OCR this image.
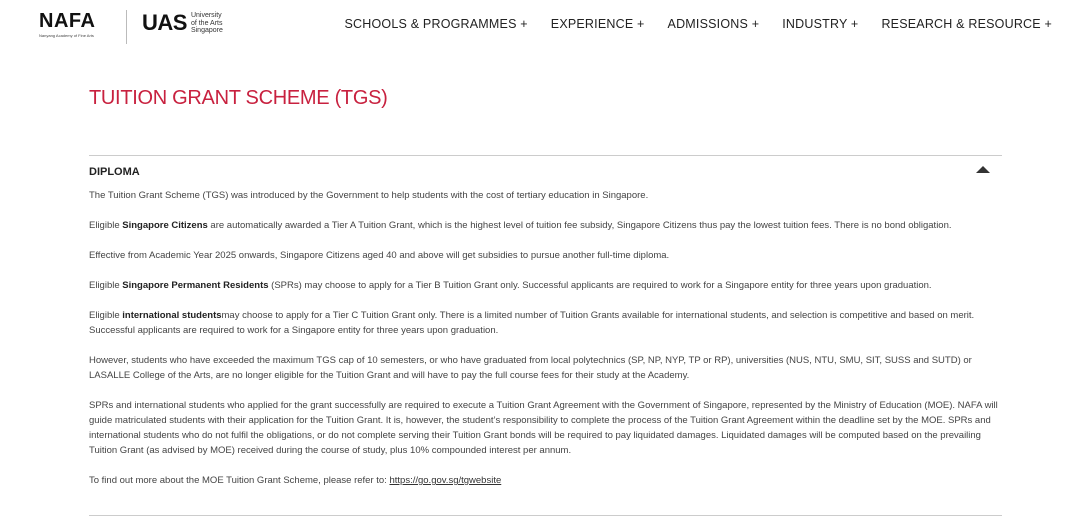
NAFA
Nanyang Academy of Fine Arts
UAS University
of the Arts
Singapore	SCHOOLS & PROGRAMMES + EXPERIENCE + ADMISSIONS + INDUSTRY + RESEARCH & RESOURCE +
TUITION GRANT SCHEME (TGS)
DIPLOMA

The Tuition Grant Scheme (TGS) was introduced by the Government to help students with the cost of tertiary education in Singapore.

Eligible Singapore Citizens are automatically awarded a Tier A Tuition Grant, which is the highest level of tuition fee subsidy, Singapore Citizens thus pay the lowest tuition fees. There is no bond obligation.

Effective from Academic Year 2025 onwards, Singapore Citizens aged 40 and above will get subsidies to pursue another full-time diploma.

Eligible Singapore Permanent Residents (SPRs) may choose to apply for a Tier B Tuition Grant only. Successful applicants are required to work for a Singapore entity for three years upon graduation.

Eligible international studentsmay choose to apply for a Tier C Tuition Grant only. There is a limited number of Tuition Grants available for international students, and selection is competitive and based on merit. Successful applicants are required to work for a Singapore entity for three years upon graduation.

However, students who have exceeded the maximum TGS cap of 10 semesters, or who have graduated from local polytechnics (SP, NP, NYP, TP or RP), universities (NUS, NTU, SMU, SIT, SUSS and SUTD) or LASALLE College of the Arts, are no longer eligible for the Tuition Grant and will have to pay the full course fees for their study at the Academy.

SPRs and international students who applied for the grant successfully are required to execute a Tuition Grant Agreement with the Government of Singapore, represented by the Ministry of Education (MOE). NAFA will guide matriculated students with their application for the Tuition Grant. It is, however, the student’s responsibility to complete the process of the Tuition Grant Agreement within the deadline set by the MOE. SPRs and international students who do not fulfil the obligations, or do not complete serving their Tuition Grant bonds will be required to pay liquidated damages. Liquidated damages will be computed based on the prevailing Tuition Grant (as advised by MOE) received during the course of study, plus 10% compounded interest per annum.

To find out more about the MOE Tuition Grant Scheme, please refer to: https://go.gov.sg/tgwebsite
